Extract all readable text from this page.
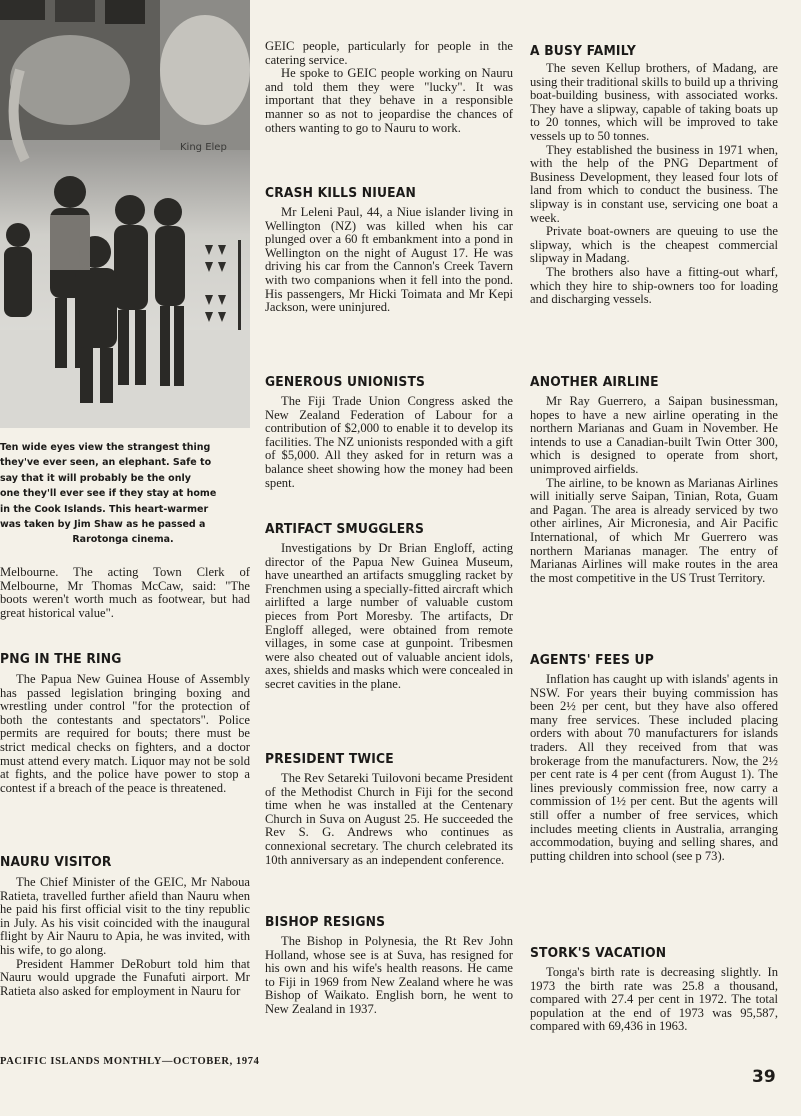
King Elep
Ten wide eyes view the strangest thing
they've ever seen, an elephant. Safe to
say that it will probably be the only
one they'll ever see if they stay at home
in the Cook Islands. This heart-warmer
was taken by Jim Shaw as he passed a
Rarotonga cinema.

Melbourne. The acting Town Clerk of Melbourne, Mr Thomas McCaw, said: "The boots weren't worth much as footwear, but had great historical value".

PNG IN THE RING

The Papua New Guinea House of Assembly has passed legislation bringing boxing and wrestling under control "for the protection of both the contestants and spectators". Police permits are required for bouts; there must be strict medical checks on fighters, and a doctor must attend every match. Liquor may not be sold at fights, and the police have power to stop a contest if a breach of the peace is threatened.

NAURU VISITOR

The Chief Minister of the GEIC, Mr Naboua Ratieta, travelled further afield than Nauru when he paid his first official visit to the tiny republic in July. As his visit coincided with the inaugural flight by Air Nauru to Apia, he was invited, with his wife, to go along.

President Hammer DeRoburt told him that Nauru would upgrade the Funafuti airport. Mr Ratieta also asked for employment in Nauru for

GEIC people, particularly for people in the catering service.

He spoke to GEIC people working on Nauru and told them they were "lucky". It was important that they behave in a responsible manner so as not to jeopardise the chances of others wanting to go to Nauru to work.

CRASH KILLS NIUEAN

Mr Leleni Paul, 44, a Niue islander living in Wellington (NZ) was killed when his car plunged over a 60 ft embankment into a pond in Wellington on the night of August 17. He was driving his car from the Cannon's Creek Tavern with two companions when it fell into the pond. His passengers, Mr Hicki Toimata and Mr Kepi Jackson, were uninjured.

GENEROUS UNIONISTS

The Fiji Trade Union Congress asked the New Zealand Federation of Labour for a contribution of $2,000 to enable it to develop its facilities. The NZ unionists responded with a gift of $5,000. All they asked for in return was a balance sheet showing how the money had been spent.

ARTIFACT SMUGGLERS

Investigations by Dr Brian Engloff, acting director of the Papua New Guinea Museum, have unearthed an artifacts smuggling racket by Frenchmen using a specially-fitted aircraft which airlifted a large number of valuable custom pieces from Port Moresby. The artifacts, Dr Engloff alleged, were obtained from remote villages, in some case at gunpoint. Tribesmen were also cheated out of valuable ancient idols, axes, shields and masks which were concealed in secret cavities in the plane.

PRESIDENT TWICE

The Rev Setareki Tuilovoni became President of the Methodist Church in Fiji for the second time when he was installed at the Centenary Church in Suva on August 25. He succeeded the Rev S. G. Andrews who continues as connexional secretary. The church celebrated its 10th anniversary as an independent conference.

BISHOP RESIGNS

The Bishop in Polynesia, the Rt Rev John Holland, whose see is at Suva, has resigned for his own and his wife's health reasons. He came to Fiji in 1969 from New Zealand where he was Bishop of Waikato. English born, he went to New Zealand in 1937.

A BUSY FAMILY

The seven Kellup brothers, of Madang, are using their traditional skills to build up a thriving boat-building business, with associated works. They have a slipway, capable of taking boats up to 20 tonnes, which will be improved to take vessels up to 50 tonnes.

They established the business in 1971 when, with the help of the PNG Department of Business Development, they leased four lots of land from which to conduct the business. The slipway is in constant use, servicing one boat a week.

Private boat-owners are queuing to use the slipway, which is the cheapest commercial slipway in Madang.

The brothers also have a fitting-out wharf, which they hire to ship-owners too for loading and discharging vessels.

ANOTHER AIRLINE

Mr Ray Guerrero, a Saipan businessman, hopes to have a new airline operating in the northern Marianas and Guam in November. He intends to use a Canadian-built Twin Otter 300, which is designed to operate from short, unimproved airfields.

The airline, to be known as Marianas Airlines will initially serve Saipan, Tinian, Rota, Guam and Pagan. The area is already serviced by two other airlines, Air Micronesia, and Air Pacific International, of which Mr Guerrero was northern Marianas manager. The entry of Marianas Airlines will make routes in the area the most competitive in the US Trust Territory.

AGENTS' FEES UP

Inflation has caught up with islands' agents in NSW. For years their buying commission has been 2½ per cent, but they have also offered many free services. These included placing orders with about 70 manufacturers for islands traders. All they received from that was brokerage from the manufacturers. Now, the 2½ per cent rate is 4 per cent (from August 1). The lines previously commission free, now carry a commission of 1½ per cent. But the agents will still offer a number of free services, which includes meeting clients in Australia, arranging accommodation, buying and selling shares, and putting children into school (see p 73).

STORK'S VACATION

Tonga's birth rate is decreasing slightly. In 1973 the birth rate was 25.8 a thousand, compared with 27.4 per cent in 1972. The total population at the end of 1973 was 95,587, compared with 69,436 in 1963.

PACIFIC ISLANDS MONTHLY—OCTOBER, 1974
39
